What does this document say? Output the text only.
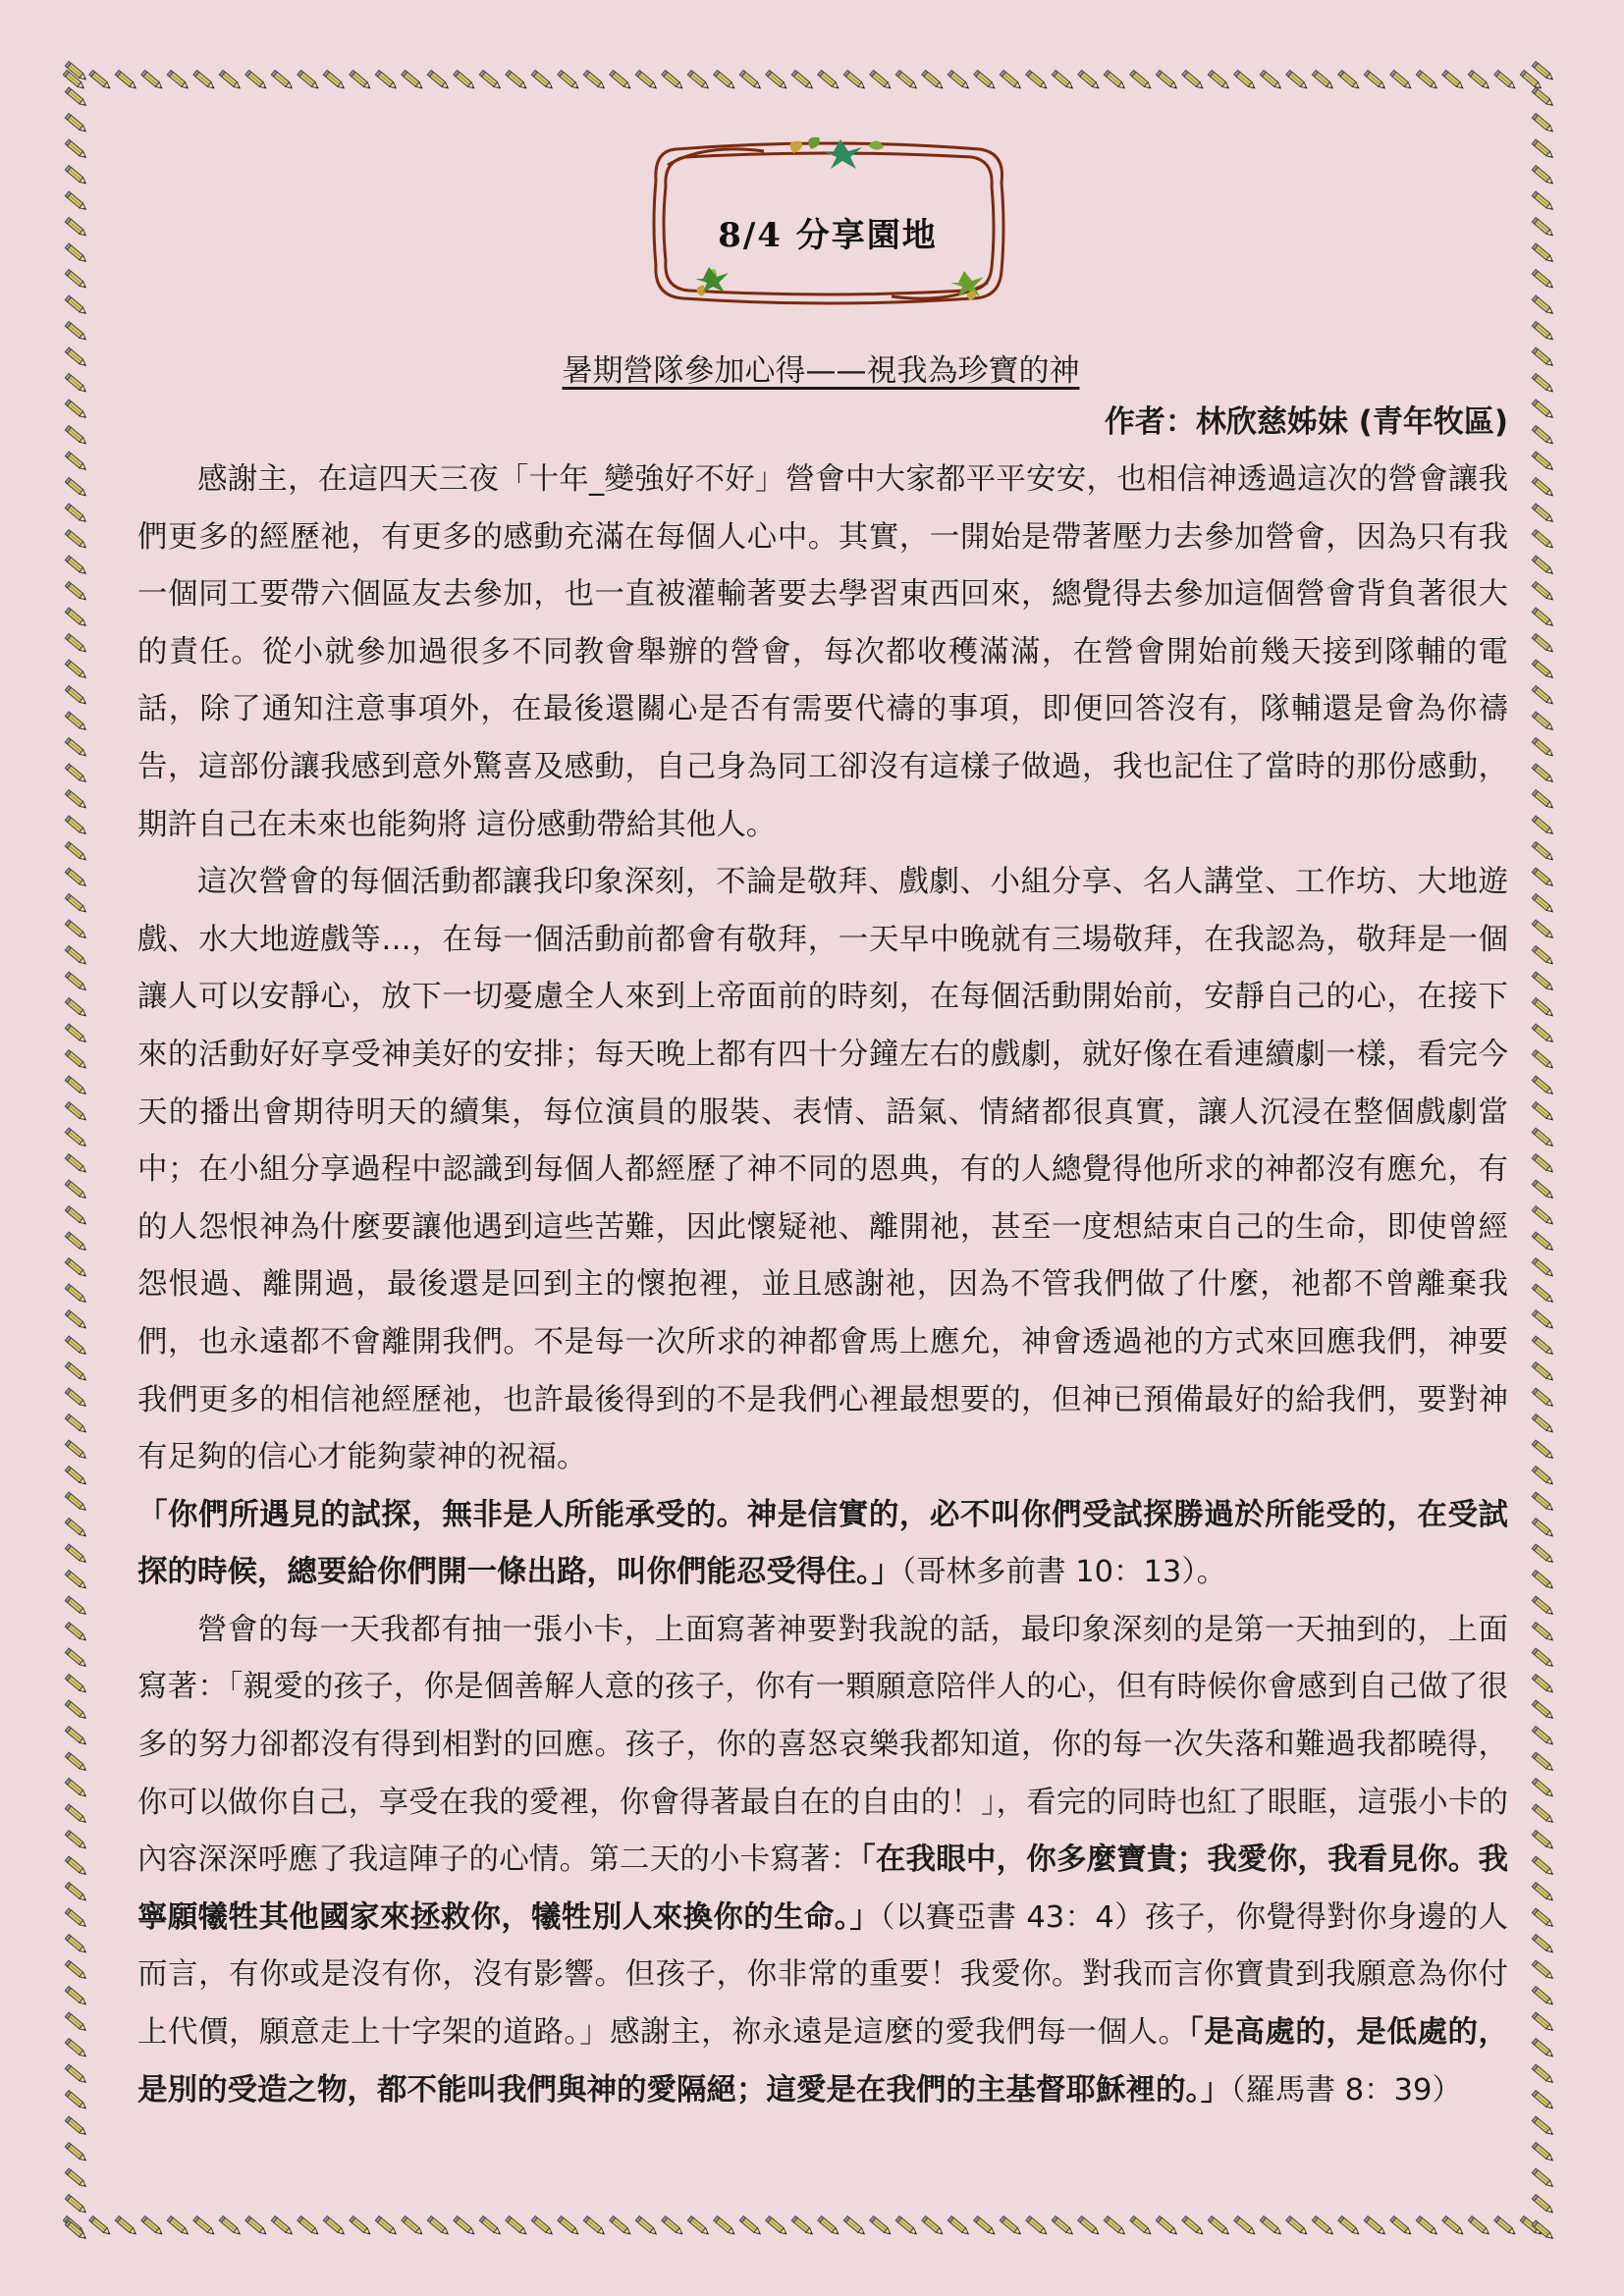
8/4 分享園地
暑期營隊參加心得——視我為珍寶的神
作者：林欣慈姊妹 (青年牧區)

感謝主，在這四天三夜「十年_變強好不好」營會中大家都平平安安，也相信神透過這次的營會讓我們更多的經歷祂，有更多的感動充滿在每個人心中。其實，一開始是帶著壓力去參加營會，因為只有我一個同工要帶六個區友去參加，也一直被灌輸著要去學習東西回來，總覺得去參加這個營會背負著很大的責任。從小就參加過很多不同教會舉辦的營會，每次都收穫滿滿，在營會開始前幾天接到隊輔的電話，除了通知注意事項外，在最後還關心是否有需要代禱的事項，即便回答沒有，隊輔還是會為你禱告，這部份讓我感到意外驚喜及感動，自己身為同工卻沒有這樣子做過，我也記住了當時的那份感動，期許自己在未來也能夠將 這份感動帶給其他人。

這次營會的每個活動都讓我印象深刻，不論是敬拜、戲劇、小組分享、名人講堂、工作坊、大地遊戲、水大地遊戲等…，在每一個活動前都會有敬拜，一天早中晚就有三場敬拜，在我認為，敬拜是一個讓人可以安靜心，放下一切憂慮全人來到上帝面前的時刻，在每個活動開始前，安靜自己的心，在接下來的活動好好享受神美好的安排；每天晚上都有四十分鐘左右的戲劇，就好像在看連續劇一樣，看完今天的播出會期待明天的續集，每位演員的服裝、表情、語氣、情緒都很真實，讓人沉浸在整個戲劇當中；在小組分享過程中認識到每個人都經歷了神不同的恩典，有的人總覺得他所求的神都沒有應允，有的人怨恨神為什麼要讓他遇到這些苦難，因此懷疑祂、離開祂，甚至一度想結束自己的生命，即使曾經怨恨過、離開過，最後還是回到主的懷抱裡，並且感謝祂，因為不管我們做了什麼，祂都不曾離棄我們，也永遠都不會離開我們。不是每一次所求的神都會馬上應允，神會透過祂的方式來回應我們，神要我們更多的相信祂經歷祂，也許最後得到的不是我們心裡最想要的，但神已預備最好的給我們，要對神有足夠的信心才能夠蒙神的祝福。

「你們所遇見的試探，無非是人所能承受的。神是信實的，必不叫你們受試探勝過於所能受的，在受試探的時候，總要給你們開一條出路，叫你們能忍受得住。」（哥林多前書 10：13）。

營會的每一天我都有抽一張小卡，上面寫著神要對我說的話，最印象深刻的是第一天抽到的，上面寫著：「親愛的孩子，你是個善解人意的孩子，你有一顆願意陪伴人的心，但有時候你會感到自己做了很多的努力卻都沒有得到相對的回應。孩子，你的喜怒哀樂我都知道，你的每一次失落和難過我都曉得，你可以做你自己，享受在我的愛裡，你會得著最自在的自由的！」，看完的同時也紅了眼眶，這張小卡的內容深深呼應了我這陣子的心情。第二天的小卡寫著：「在我眼中，你多麼寶貴；我愛你，我看見你。我寧願犧牲其他國家來拯救你，犧牲別人來換你的生命。」（以賽亞書 43：4）孩子，你覺得對你身邊的人而言，有你或是沒有你，沒有影響。但孩子，你非常的重要！我愛你。對我而言你寶貴到我願意為你付上代價，願意走上十字架的道路。」感謝主，祢永遠是這麼的愛我們每一個人。「是高處的，是低處的，是別的受造之物，都不能叫我們與神的愛隔絕；這愛是在我們的主基督耶穌裡的。」（羅馬書 8：39）
